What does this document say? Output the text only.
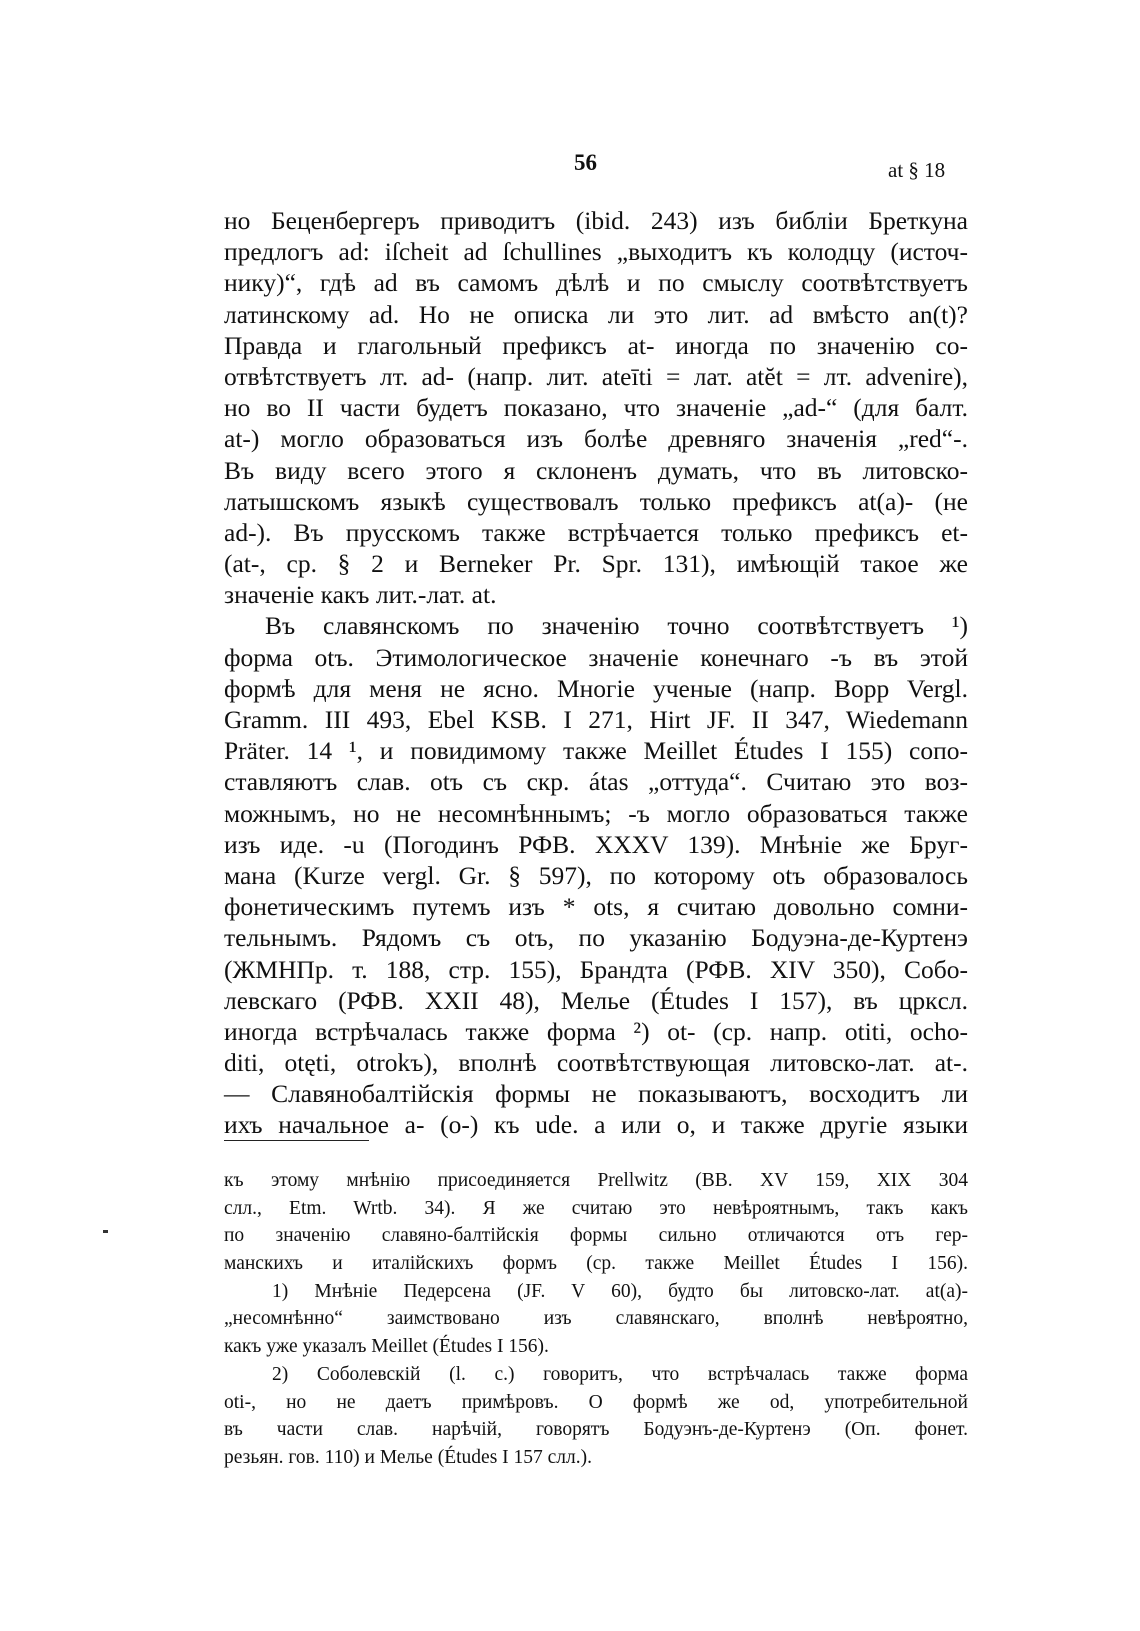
56	at § 18
но Беценбергеръ приводитъ (ibid. 243) изъ библіи Бреткуна
предлогъ ad: iſcheit ad ſchullines „выходитъ къ колодцу (источ-
нику)“, гдѣ ad въ самомъ дѣлѣ и по смыслу соотвѣтствуетъ
латинскому ad. Но не описка ли это лит. ad вмѣсто an(t)?
Правда и глагольный префиксъ at- иногда по значенію со-
отвѣтствуетъ лт. ad- (напр. лит. ateīti = лат. atĕt = лт. advenire),
но во II части будетъ показано, что значеніе „ad-“ (для балт.
at-) могло образоваться изъ болѣе древняго значенія „red“-.
Въ виду всего этого я склоненъ думать, что въ литовско-
латышскомъ языкѣ существовалъ только префиксъ at(a)- (не
ad-). Въ прусскомъ также встрѣчается только префиксъ et-
(at-, ср. § 2 и Berneker Pr. Spr. 131), имѣющій такое же
значеніе какъ лит.-лат. at.
Въ славянскомъ по значенію точно соотвѣтствуетъ ¹)
форма otъ. Этимологическое значеніе конечнаго -ъ въ этой
формѣ для меня не ясно. Многіе ученые (напр. Bopp Vergl.
Gramm. III 493, Ebel KSB. I 271, Hirt JF. II 347, Wiedemann
Präter. 14 ¹, и повидимому также Meillet Études I 155) сопо-
ставляютъ слав. otъ съ скр. átas „оттуда“. Считаю это воз-
можнымъ, но не несомнѣннымъ; -ъ могло образоваться также
изъ иде. -u (Погодинъ РФВ. XXXV 139). Мнѣніе же Бруг-
мана (Kurze vergl. Gr. § 597), по которому otъ образовалось
фонетическимъ путемъ изъ * ots, я считаю довольно сомни-
тельнымъ. Рядомъ съ otъ, по указанію Бодуэна-де-Куртенэ
(ЖМНПр. т. 188, стр. 155), Брандта (РФВ. XIV 350), Собо-
левскаго (РФВ. XXII 48), Мелье (Études I 157), въ цркcл.
иногда встрѣчалась также форма ²) ot- (ср. напр. otiti, ocho-
diti, otęti, otrokъ), вполнѣ соотвѣтствующая литовско-лат. at-.
— Славянобалтійскія формы не показываютъ, восходитъ ли
ихъ начальное a- (o-) къ ude. a или o, и также другіе языки
къ этому мнѣнію присоединяется Prellwitz (BB. XV 159, XIX 304
слл., Etm. Wrtb. 34). Я же считаю это невѣроятнымъ, такъ какъ
по значенію славяно-балтійскія формы сильно отличаются отъ гер-
манскихъ и италійскихъ формъ (ср. также Meillet Études I 156).
1) Мнѣніе Педерсена (JF. V 60), будто бы литовско-лат. at(a)-
„несомнѣнно“ заимствовано изъ славянскаго, вполнѣ невѣроятно,
какъ уже указалъ Meillet (Études I 156).
2) Соболевскій (l. c.) говоритъ, что встрѣчалась также форма
oti-, но не даетъ примѣровъ. О формѣ же od, употребительной
въ части слав. нарѣчій, говорятъ Бодуэнъ-де-Куртенэ (Оп. фонет.
резьян. гов. 110) и Мелье (Études I 157 слл.).
